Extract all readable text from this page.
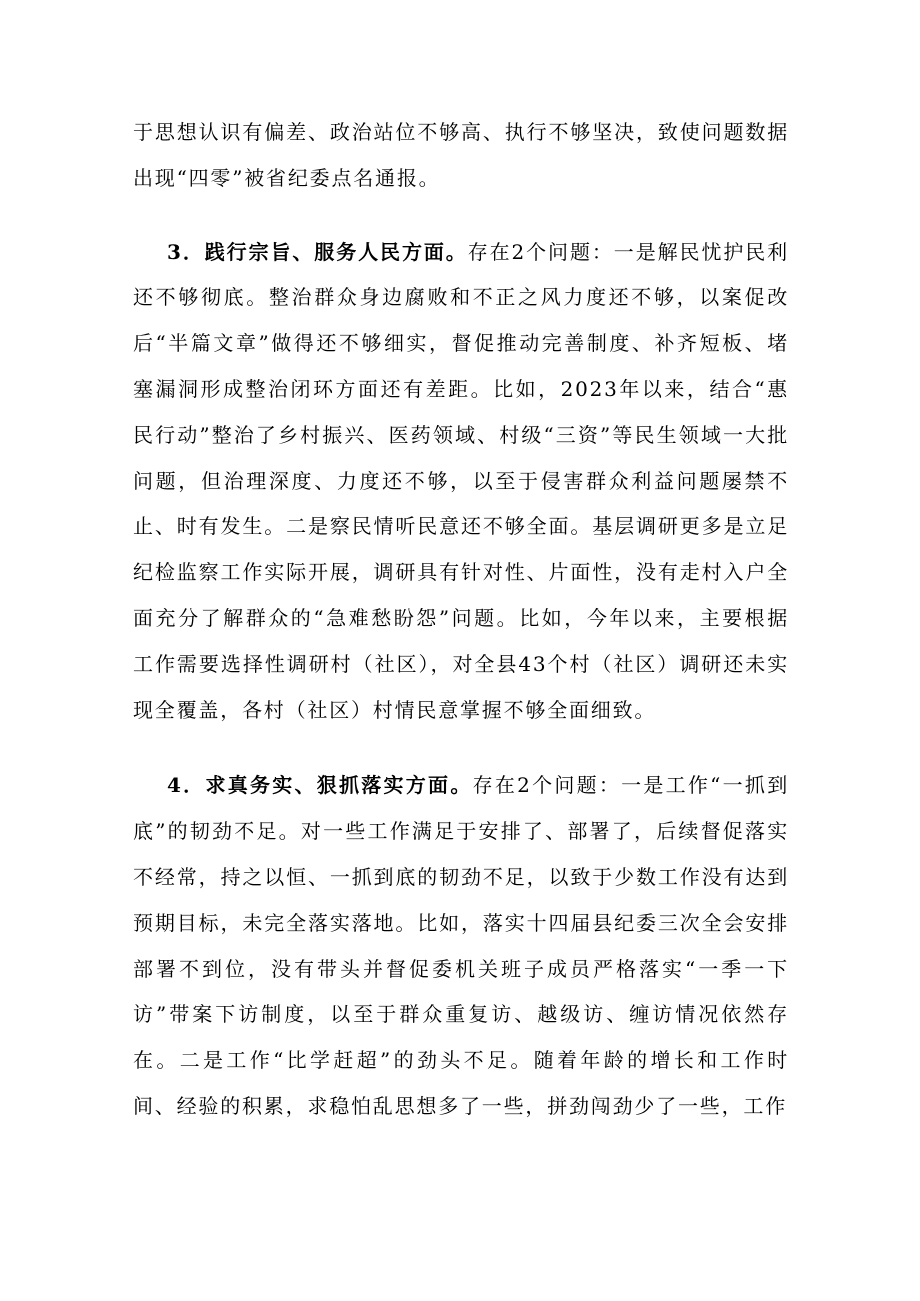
于思想认识有偏差、政治站位不够高、执行不够坚决，致使问题数据出现“四零”被省纪委点名通报。

3．践行宗旨、服务人民方面。存在2个问题：一是解民忧护民利还不够彻底。整治群众身边腐败和不正之风力度还不够，以案促改后“半篇文章”做得还不够细实，督促推动完善制度、补齐短板、堵塞漏洞形成整治闭环方面还有差距。比如，2023年以来，结合“惠民行动”整治了乡村振兴、医药领域、村级“三资”等民生领域一大批问题，但治理深度、力度还不够，以至于侵害群众利益问题屡禁不止、时有发生。二是察民情听民意还不够全面。基层调研更多是立足纪检监察工作实际开展，调研具有针对性、片面性，没有走村入户全面充分了解群众的“急难愁盼怨”问题。比如，今年以来，主要根据工作需要选择性调研村（社区），对全县43个村（社区）调研还未实现全覆盖，各村（社区）村情民意掌握不够全面细致。

4．求真务实、狠抓落实方面。存在2个问题：一是工作“一抓到底”的韧劲不足。对一些工作满足于安排了、部署了，后续督促落实不经常，持之以恒、一抓到底的韧劲不足，以致于少数工作没有达到预期目标，未完全落实落地。比如，落实十四届县纪委三次全会安排部署不到位，没有带头并督促委机关班子成员严格落实“一季一下访”带案下访制度，以至于群众重复访、越级访、缠访情况依然存在。二是工作“比学赶超”的劲头不足。随着年龄的增长和工作时间、经验的积累，求稳怕乱思想多了一些，拼劲闯劲少了一些，工作
